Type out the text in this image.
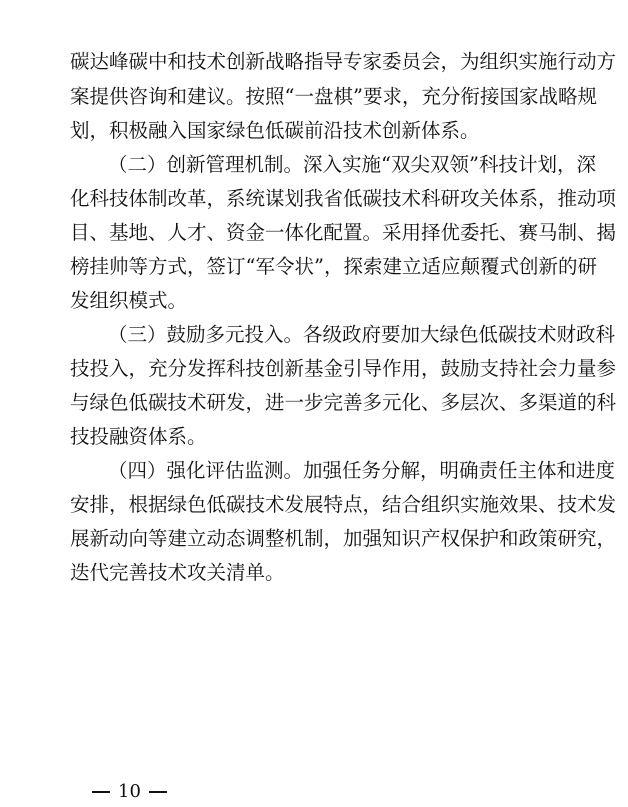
碳达峰碳中和技术创新战略指导专家委员会，为组织实施行动方
案提供咨询和建议。按照“一盘棋”要求，充分衔接国家战略规
划，积极融入国家绿色低碳前沿技术创新体系。
（二）创新管理机制。深入实施“双尖双领”科技计划，深
化科技体制改革，系统谋划我省低碳技术科研攻关体系，推动项
目、基地、人才、资金一体化配置。采用择优委托、赛马制、揭
榜挂帅等方式，签订“军令状”，探索建立适应颠覆式创新的研
发组织模式。
（三）鼓励多元投入。各级政府要加大绿色低碳技术财政科
技投入，充分发挥科技创新基金引导作用，鼓励支持社会力量参
与绿色低碳技术研发，进一步完善多元化、多层次、多渠道的科
技投融资体系。
（四）强化评估监测。加强任务分解，明确责任主体和进度
安排，根据绿色低碳技术发展特点，结合组织实施效果、技术发
展新动向等建立动态调整机制，加强知识产权保护和政策研究，
迭代完善技术攻关清单。
10
